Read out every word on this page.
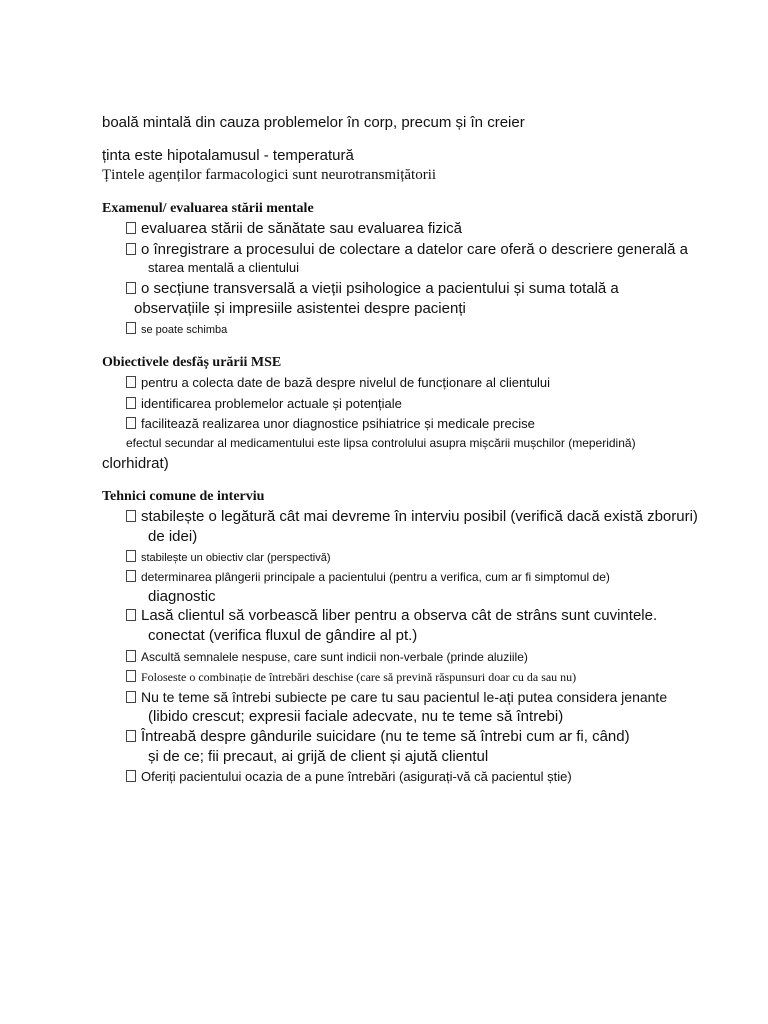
boală mintală din cauza problemelor în corp, precum și în creier
ținta este hipotalamusul - temperatură
Țintele agenților farmacologici sunt neurotransmițătorii
Examenul/ evaluarea stării mentale
evaluarea stării de sănătate sau evaluarea fizică
o înregistrare a procesului de colectare a datelor care oferă o descriere generală a
starea mentală a clientului
o secțiune transversală a vieții psihologice a pacientului și suma totală a
observațiile și impresiile asistentei despre pacienți
se poate schimba
Obiectivele desfăș urării MSE
pentru a colecta date de bază despre nivelul de funcționare al clientului
identificarea problemelor actuale și potențiale
facilitează realizarea unor diagnostice psihiatrice și medicale precise
efectul secundar al medicamentului este lipsa controlului asupra mișcării mușchilor (meperidină)
clorhidrat)
Tehnici comune de interviu
stabilește o legătură cât mai devreme în interviu posibil (verifică dacă există zboruri)
de idei)
stabilește un obiectiv clar (perspectivă)
determinarea plângerii principale a pacientului (pentru a verifica, cum ar fi simptomul de)
diagnostic
Lasă clientul să vorbească liber pentru a observa cât de strâns sunt cuvintele.
conectat (verifica fluxul de gândire al pt.)
Ascultă semnalele nespuse, care sunt indicii non-verbale (prinde aluziile)
Foloseste o combinație de întrebări deschise (care să prevină răspunsuri doar cu da sau nu)
Nu te teme să întrebi subiecte pe care tu sau pacientul le-ați putea considera jenante
(libido crescut; expresii faciale adecvate, nu te teme să întrebi)
Întreabă despre gândurile suicidare (nu te teme să întrebi cum ar fi, când)
și de ce; fii precaut, ai grijă de client și ajută clientul
Oferiți pacientului ocazia de a pune întrebări (asigurați-vă că pacientul știe)
